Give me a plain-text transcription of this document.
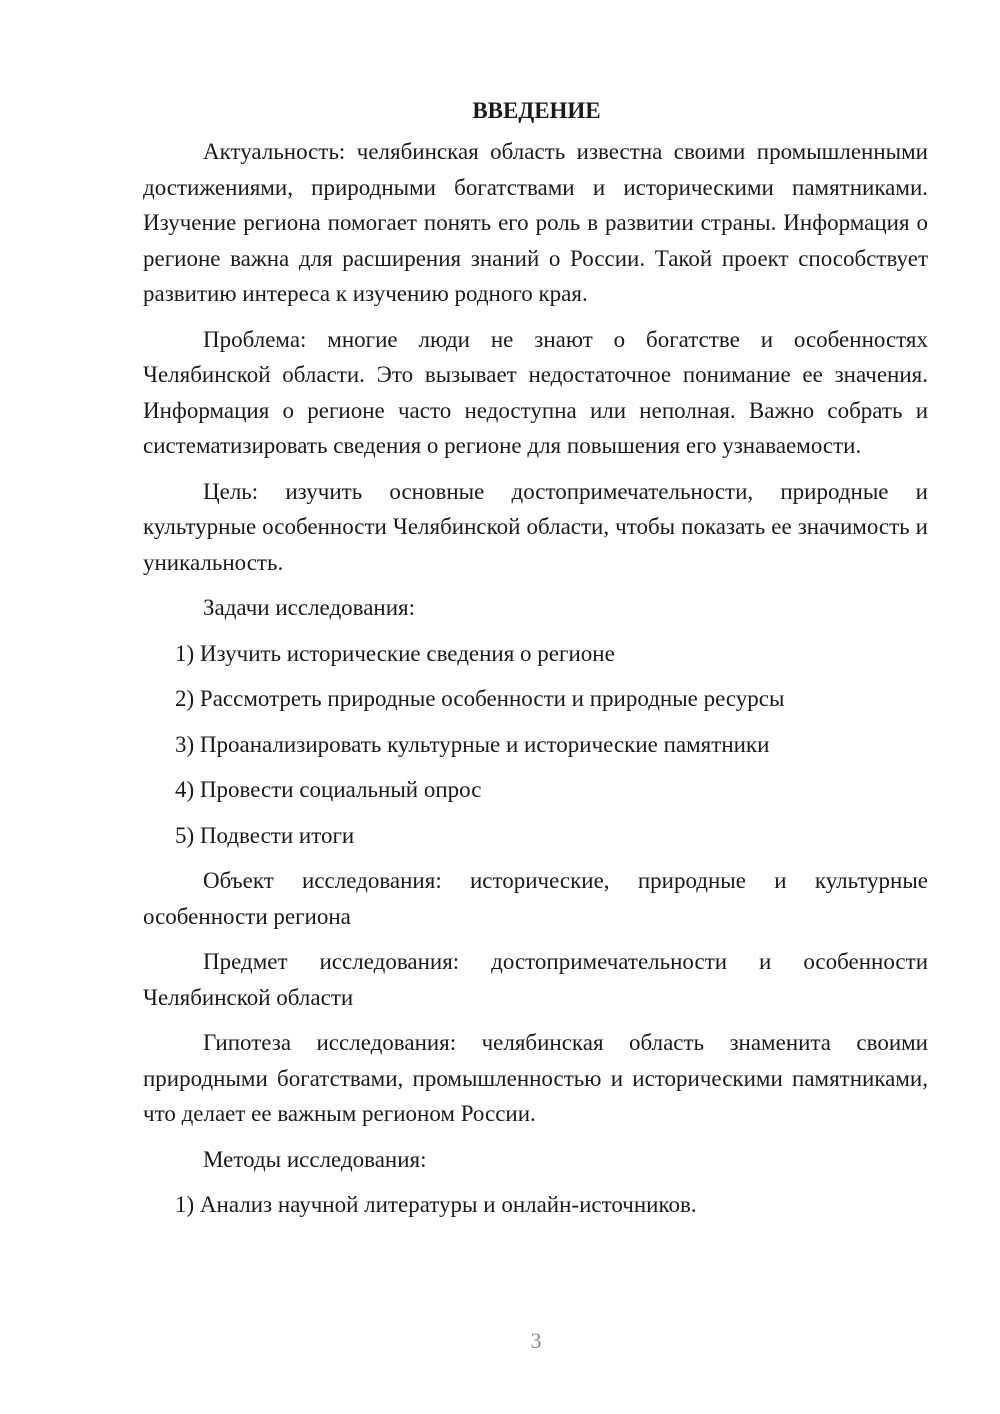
ВВЕДЕНИЕ

Актуальность: челябинская область известна своими промышленными достижениями, природными богатствами и историческими памятниками. Изучение региона помогает понять его роль в развитии страны. Информация о регионе важна для расширения знаний о России. Такой проект способствует развитию интереса к изучению родного края.

Проблема: многие люди не знают о богатстве и особенностях Челябинской области. Это вызывает недостаточное понимание ее значения. Информация о регионе часто недоступна или неполная. Важно собрать и систематизировать сведения о регионе для повышения его узнаваемости.

Цель: изучить основные достопримечательности, природные и культурные особенности Челябинской области, чтобы показать ее значимость и уникальность.

Задачи исследования:

1) Изучить исторические сведения о регионе

2) Рассмотреть природные особенности и природные ресурсы

3) Проанализировать культурные и исторические памятники

4) Провести социальный опрос

5) Подвести итоги

Объект исследования: исторические, природные и культурные особенности региона

Предмет исследования: достопримечательности и особенности Челябинской области

Гипотеза исследования: челябинская область знаменита своими природными богатствами, промышленностью и историческими памятниками, что делает ее важным регионом России.

Методы исследования:

1) Анализ научной литературы и онлайн-источников.

3
